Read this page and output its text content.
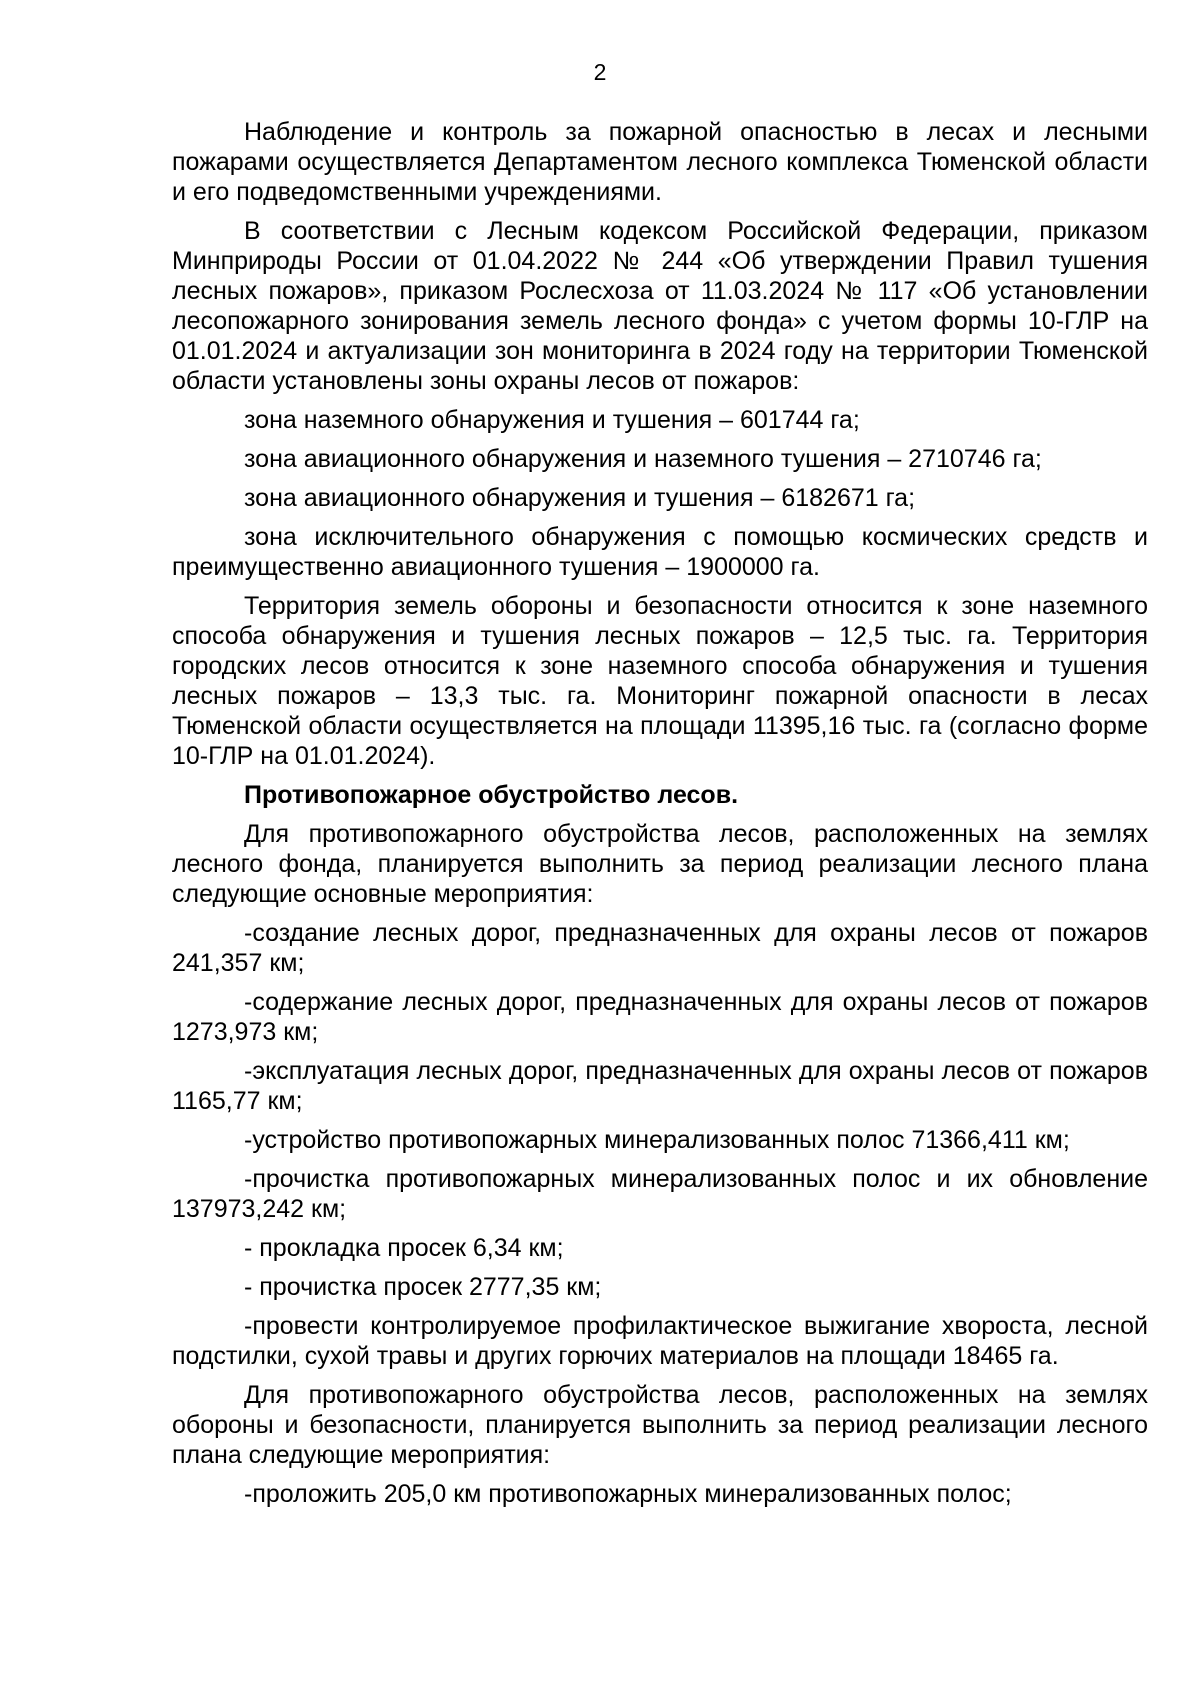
2

Наблюдение и контроль за пожарной опасностью в лесах и лесными пожарами осуществляется Департаментом лесного комплекса Тюменской области и его подведомственными учреждениями.

В соответствии с Лесным кодексом Российской Федерации, приказом Минприроды России от 01.04.2022 № 244 «Об утверждении Правил тушения лесных пожаров», приказом Рослесхоза от 11.03.2024 № 117 «Об установлении лесопожарного зонирования земель лесного фонда» с учетом формы 10-ГЛР на 01.01.2024 и актуализации зон мониторинга в 2024 году на территории Тюменской области установлены зоны охраны лесов от пожаров:

зона наземного обнаружения и тушения – 601744 га;

зона авиационного обнаружения и наземного тушения – 2710746 га;

зона авиационного обнаружения и тушения – 6182671 га;

зона исключительного обнаружения с помощью космических средств и преимущественно авиационного тушения – 1900000 га.

Территория земель обороны и безопасности относится к зоне наземного способа обнаружения и тушения лесных пожаров – 12,5 тыс. га. Территория городских лесов относится к зоне наземного способа обнаружения и тушения лесных пожаров – 13,3 тыс. га. Мониторинг пожарной опасности в лесах Тюменской области осуществляется на площади 11395,16 тыс. га (согласно форме 10-ГЛР на 01.01.2024).

Противопожарное обустройство лесов.

Для противопожарного обустройства лесов, расположенных на землях лесного фонда, планируется выполнить за период реализации лесного плана следующие основные мероприятия:

-создание лесных дорог, предназначенных для охраны лесов от пожаров 241,357 км;

-содержание лесных дорог, предназначенных для охраны лесов от пожаров 1273,973 км;

-эксплуатация лесных дорог, предназначенных для охраны лесов от пожаров 1165,77 км;

-устройство противопожарных минерализованных полос 71366,411 км;

-прочистка противопожарных минерализованных полос и их обновление 137973,242 км;

- прокладка просек 6,34 км;

- прочистка просек 2777,35 км;

-провести контролируемое профилактическое выжигание хвороста, лесной подстилки, сухой травы и других горючих материалов на площади 18465 га.

Для противопожарного обустройства лесов, расположенных на землях обороны и безопасности, планируется выполнить за период реализации лесного плана следующие мероприятия:

-проложить 205,0 км противопожарных минерализованных полос;
